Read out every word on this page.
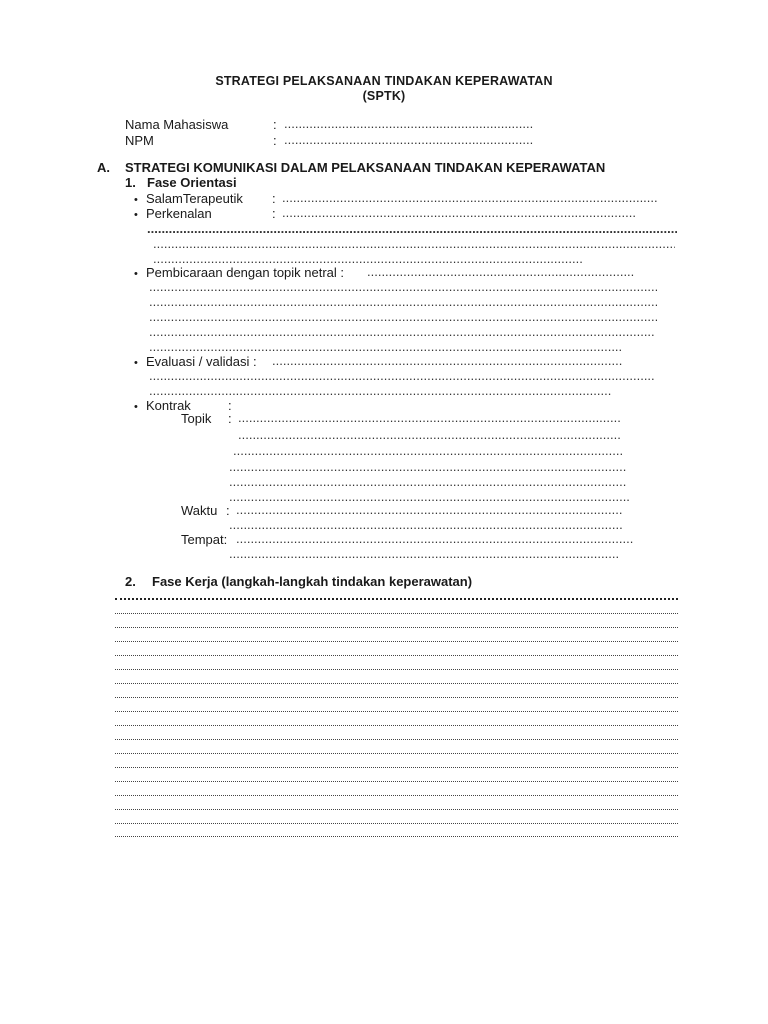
STRATEGI PELAKSANAAN TINDAKAN KEPERAWATAN
(SPTK)
Nama Mahasiswa	:
.....
NPM	:
.....
A. STRATEGI KOMUNIKASI DALAM PELAKSANAAN TINDAKAN KEPERAWATAN
1. Fase Orientasi
• SalamTerapeutik :
.....
• Perkenalan	:
.....
.....
.....
.....
• Pembicaraan dengan topik netral :
.....
.....
.....
.....
.....
.....
• Evaluasi / validasi :
.....
.....
.....
• Kontrak	:
Topik :
.....
.....
.....
.....
.....
.....
Waktu :
.....
.....
Tempat:
.....
.....
2. Fase Kerja (langkah-langkah tindakan keperawatan)
